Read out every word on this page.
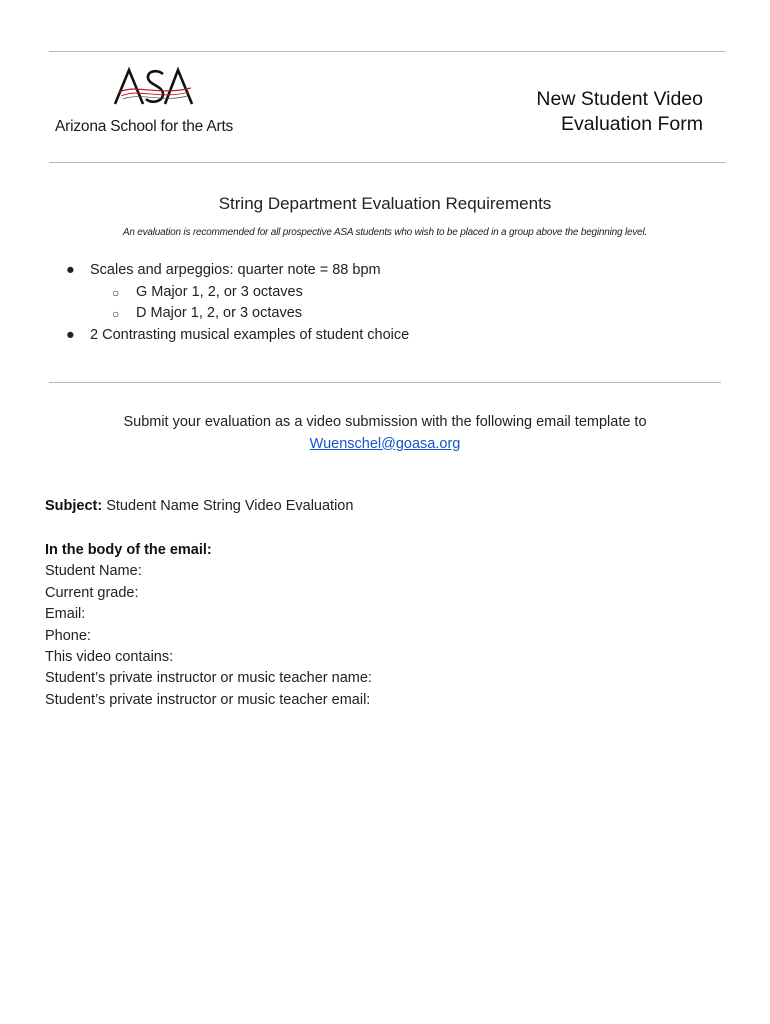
Arizona School for the Arts
New Student Video
Evaluation Form
String Department Evaluation Requirements
An evaluation is recommended for all prospective ASA students who wish to be placed in a group above the beginning level.
● Scales and arpeggios: quarter note = 88 bpm
○ G Major 1, 2, or 3 octaves
○ D Major 1, 2, or 3 octaves
● 2 Contrasting musical examples of student choice
Submit your evaluation as a video submission with the following email template to
Wuenschel@goasa.org
Subject: Student Name String Video Evaluation
In the body of the email:
Student Name:
Current grade:
Email:
Phone:
This video contains:
Student’s private instructor or music teacher name:
Student’s private instructor or music teacher email:
